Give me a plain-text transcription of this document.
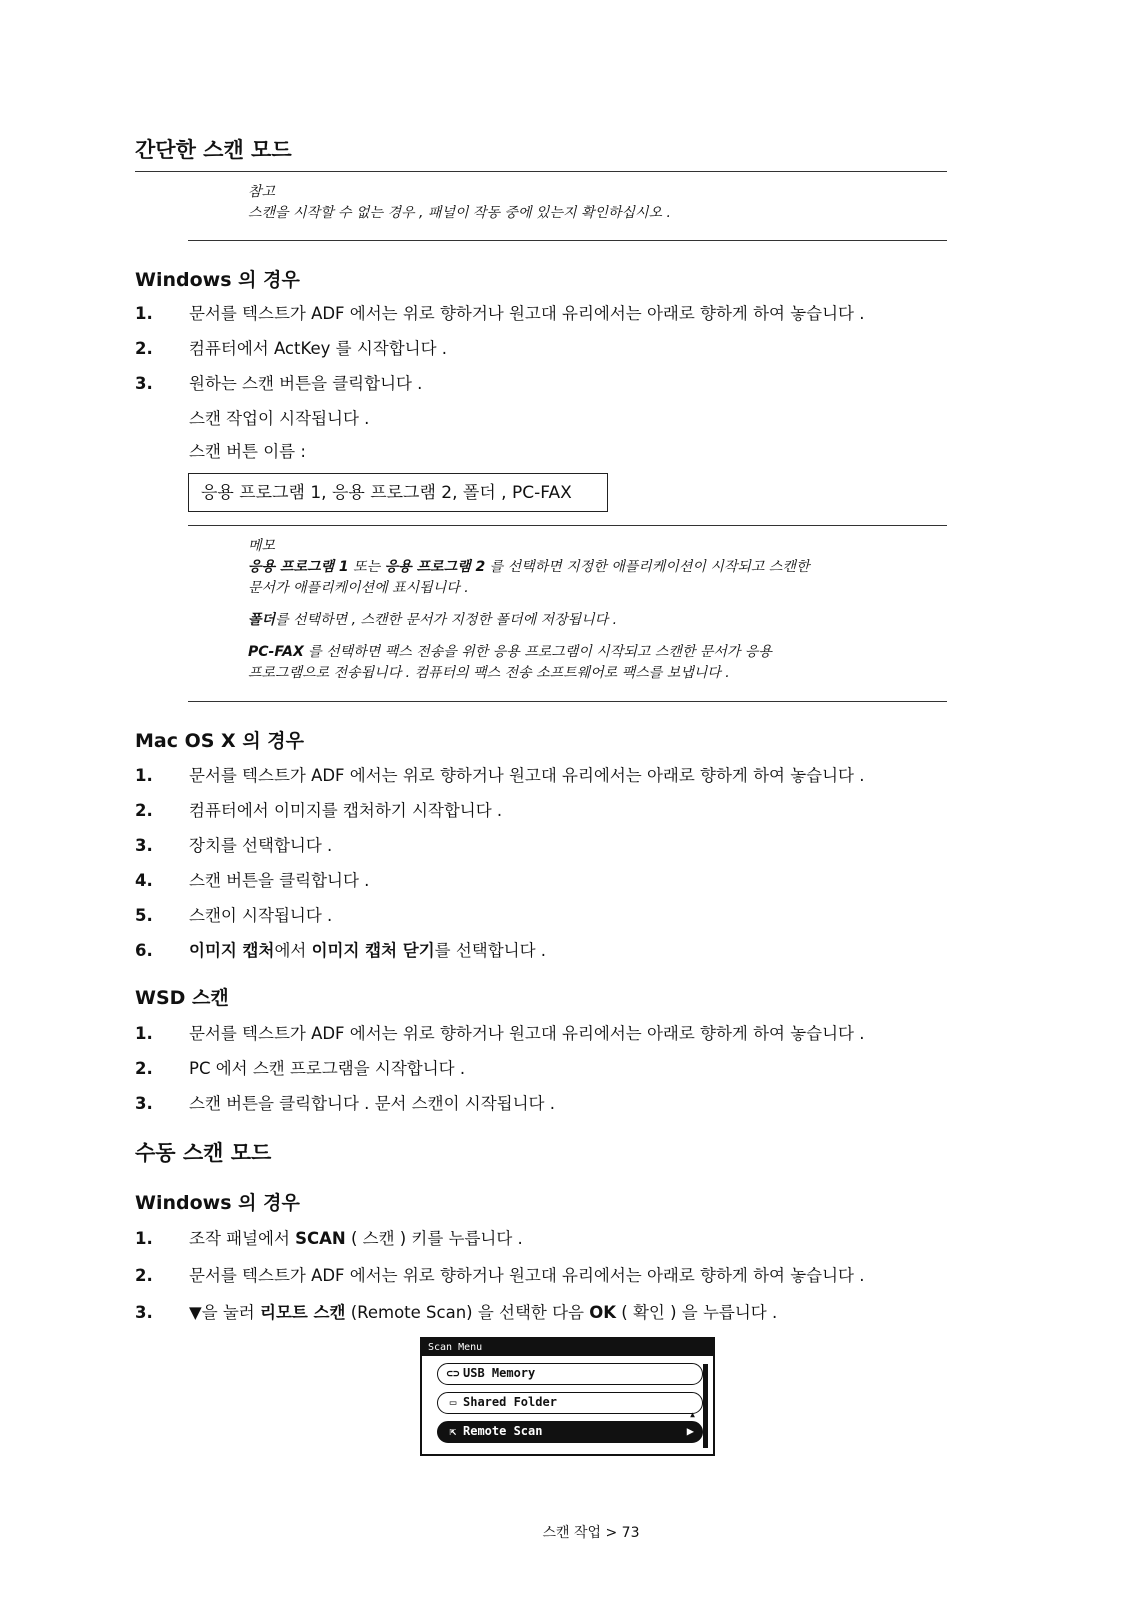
간단한 스캔 모드
참고

스캔을 시작할 수 없는 경우 , 패널이 작동 중에 있는지 확인하십시오 .

Windows 의 경우
1. 문서를 텍스트가 ADF 에서는 위로 향하거나 원고대 유리에서는 아래로 향하게 하여 놓습니다 .
2. 컴퓨터에서 ActKey 를 시작합니다 .
3. 원하는 스캔 버튼을 클릭합니다 .
스캔 작업이 시작됩니다 .
스캔 버튼 이름 :
응용 프로그램 1, 응용 프로그램 2, 폴더 , PC-FAX
메모

응용 프로그램 1 또는 응용 프로그램 2 를 선택하면 지정한 애플리케이션이 시작되고 스캔한
문서가 애플리케이션에 표시됩니다 .

폴더를 선택하면 , 스캔한 문서가 지정한 폴더에 저장됩니다 .

PC-FAX 를 선택하면 팩스 전송을 위한 응용 프로그램이 시작되고 스캔한 문서가 응용
프로그램으로 전송됩니다 . 컴퓨터의 팩스 전송 소프트웨어로 팩스를 보냅니다 .

Mac OS X 의 경우
1. 문서를 텍스트가 ADF 에서는 위로 향하거나 원고대 유리에서는 아래로 향하게 하여 놓습니다 .
2. 컴퓨터에서 이미지를 캡처하기 시작합니다 .
3. 장치를 선택합니다 .
4. 스캔 버튼을 클릭합니다 .
5. 스캔이 시작됩니다 .
6. 이미지 캡처에서 이미지 캡처 닫기를 선택합니다 .
WSD 스캔
1. 문서를 텍스트가 ADF 에서는 위로 향하거나 원고대 유리에서는 아래로 향하게 하여 놓습니다 .
2. PC 에서 스캔 프로그램을 시작합니다 .
3. 스캔 버튼을 클릭합니다 . 문서 스캔이 시작됩니다 .
수동 스캔 모드
Windows 의 경우
1. 조작 패널에서 SCAN ( 스캔 ) 키를 누릅니다 .
2. 문서를 텍스트가 ADF 에서는 위로 향하거나 원고대 유리에서는 아래로 향하게 하여 놓습니다 .
3. ▼을 눌러 리모트 스캔 (Remote Scan) 을 선택한 다음 OK ( 확인 ) 을 누릅니다 .
Scan Menu
⊂⊃ USB Memory
▭ Shared Folder
▲
⇱ Remote Scan	▶
스캔 작업 > 73
